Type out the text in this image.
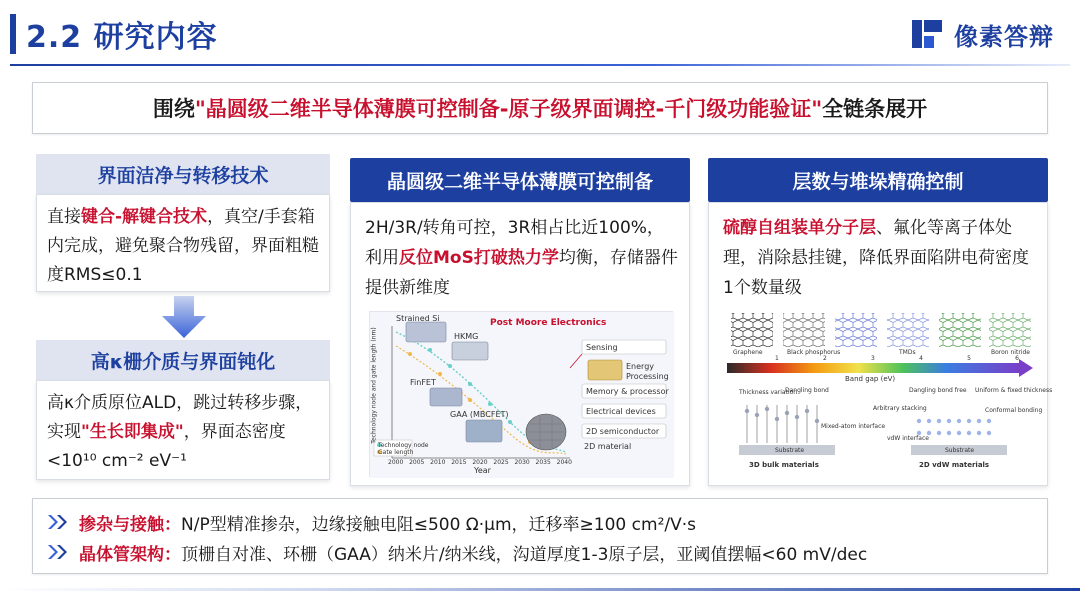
2.2 研究内容	像素答辩
围绕"晶圆级二维半导体薄膜可控制备-原子级界面调控-千门级功能验证"全链条展开
界面洁净与转移技术

直接键合-解键合技术，真空/手套箱内完成，避免聚合物残留，界面粗糙度RMS≤0.1

高κ栅介质与界面钝化

高κ介质原位ALD，跳过转移步骤，实现"生长即集成"，界面态密度<10¹⁰ cm⁻² eV⁻¹

晶圆级二维半导体薄膜可控制备
2H/3R/转角可控，3R相占比近100%，利用反位MoS打破热力学均衡，存储器件提供新维度
Post Moore Electronics
Strained Si
HKMG
FinFET
GAA (MBCFET)
2D material
Sensing
Energy
Processing
Memory & processor
Electrical devices
2D semiconductor
Year
Technology node
Gate length
Technology node and gate length (nm)
2000 2005 2010 2015 2020 2025 2030 2035 2040
层数与堆垛精确控制
硫醇自组装单分子层、氟化等离子体处理，消除悬挂键，降低界面陷阱电荷密度1个数量级
Graphene	Black phosphorus	TMDs	Boron nitride
Band gap (eV)
0	1	2	3	4	5	6
Thickness variation
Dangling bond
Mixed-atom interface
Substrate
3D bulk materials
Dangling bond free Uniform & fixed thickness
Arbitrary stacking
vdW interface
Conformal bonding
Substrate
2D vdW materials
掺杂与接触： N/P型精准掺杂，边缘接触电阻≤500 Ω·μm，迁移率≥100 cm²/V·s
晶体管架构： 顶栅自对准、环栅（GAA）纳米片/纳米线，沟道厚度1-3原子层，亚阈值摆幅<60 mV/dec
